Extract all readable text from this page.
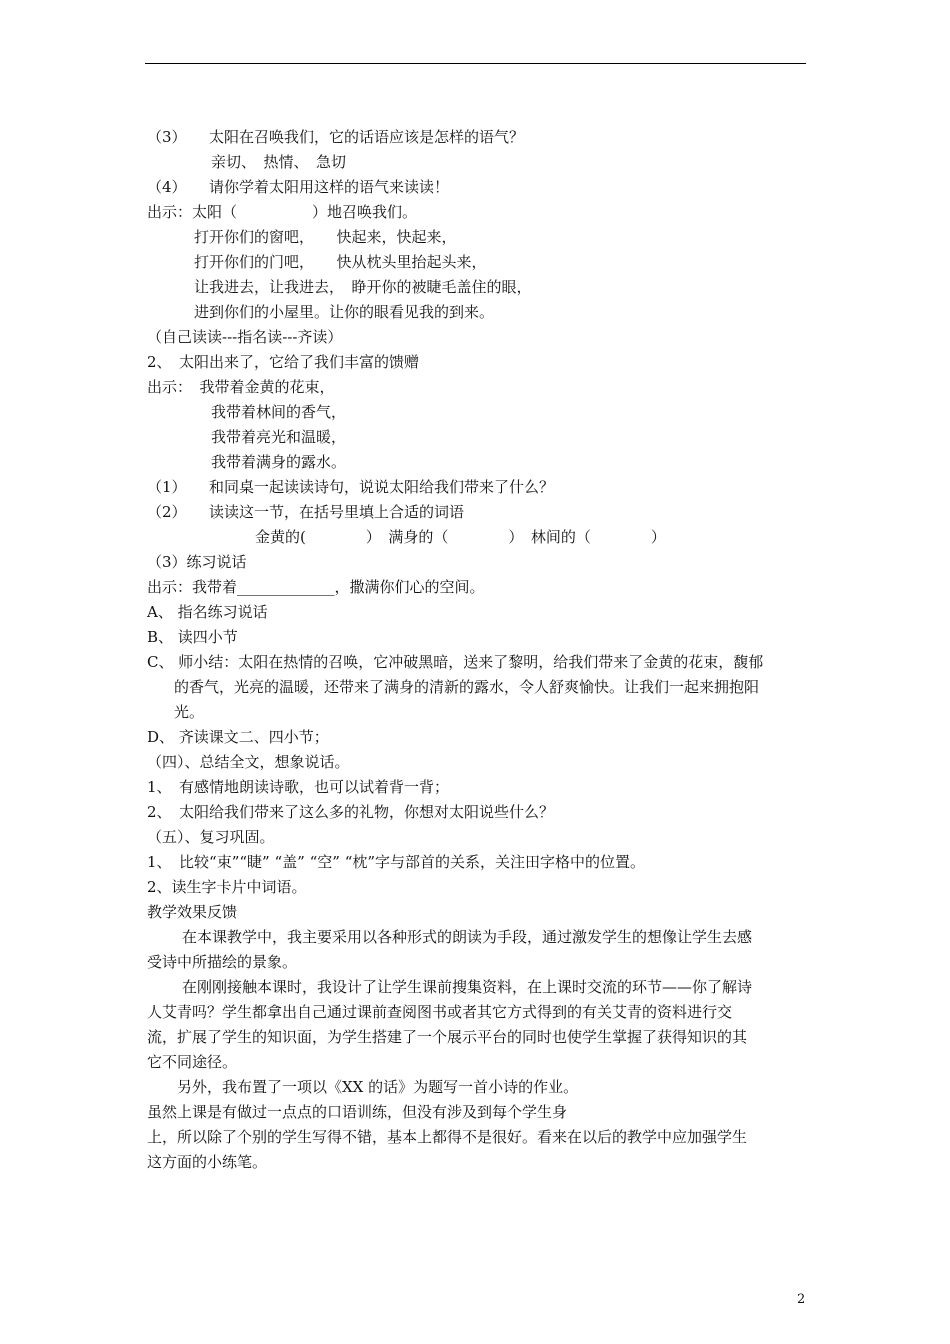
（3）　　太阳在召唤我们，它的话语应该是怎样的语气？
亲切、　热情、　急切
（4）　　请你学着太阳用这样的语气来读读！
出示：太阳（　　　　　）地召唤我们。
打开你们的窗吧，　　快起来，快起来，
打开你们的门吧，　　快从枕头里抬起头来，
让我进去，让我进去，　睁开你的被睫毛盖住的眼，
进到你们的小屋里。让你的眼看见我的到来。
（自己读读---指名读---齐读）
2、　太阳出来了，它给了我们丰富的馈赠
出示：　我带着金黄的花束，
我带着林间的香气，
我带着亮光和温暖，
我带着满身的露水。
（1）　　和同桌一起读读诗句，说说太阳给我们带来了什么？
（2）　　读读这一节，在括号里填上合适的词语
金黄的(　　　　）　满身的（　　　　）　林间的（　　　　）
（3）练习说话
出示：我带着_____________，撒满你们心的空间。
A、 指名练习说话
B、 读四小节
C、 师小结：太阳在热情的召唤，它冲破黑暗，送来了黎明，给我们带来了金黄的花束，馥郁
的香气，光亮的温暖，还带来了满身的清新的露水，令人舒爽愉快。让我们一起来拥抱阳
光。
D、 齐读课文二、四小节；
（四）、总结全文，想象说话。
1、　有感情地朗读诗歌，也可以试着背一背；
2、　太阳给我们带来了这么多的礼物，你想对太阳说些什么？
（五）、复习巩固。
1、　比较“束”“睫” “盖” “空” “枕”字与部首的关系，关注田字格中的位置。
2、读生字卡片中词语。
教学效果反馈
在本课教学中，我主要采用以各种形式的朗读为手段，通过激发学生的想像让学生去感
受诗中所描绘的景象。
在刚刚接触本课时，我设计了让学生课前搜集资料，在上课时交流的环节——你了解诗
人艾青吗？学生都拿出自己通过课前查阅图书或者其它方式得到的有关艾青的资料进行交
流，扩展了学生的知识面，为学生搭建了一个展示平台的同时也使学生掌握了获得知识的其
它不同途径。
另外，我布置了一项以《XX 的话》为题写一首小诗的作业。
虽然上课是有做过一点点的口语训练，但没有涉及到每个学生身
上，所以除了个别的学生写得不错，基本上都得不是很好。看来在以后的教学中应加强学生
这方面的小练笔。
2
